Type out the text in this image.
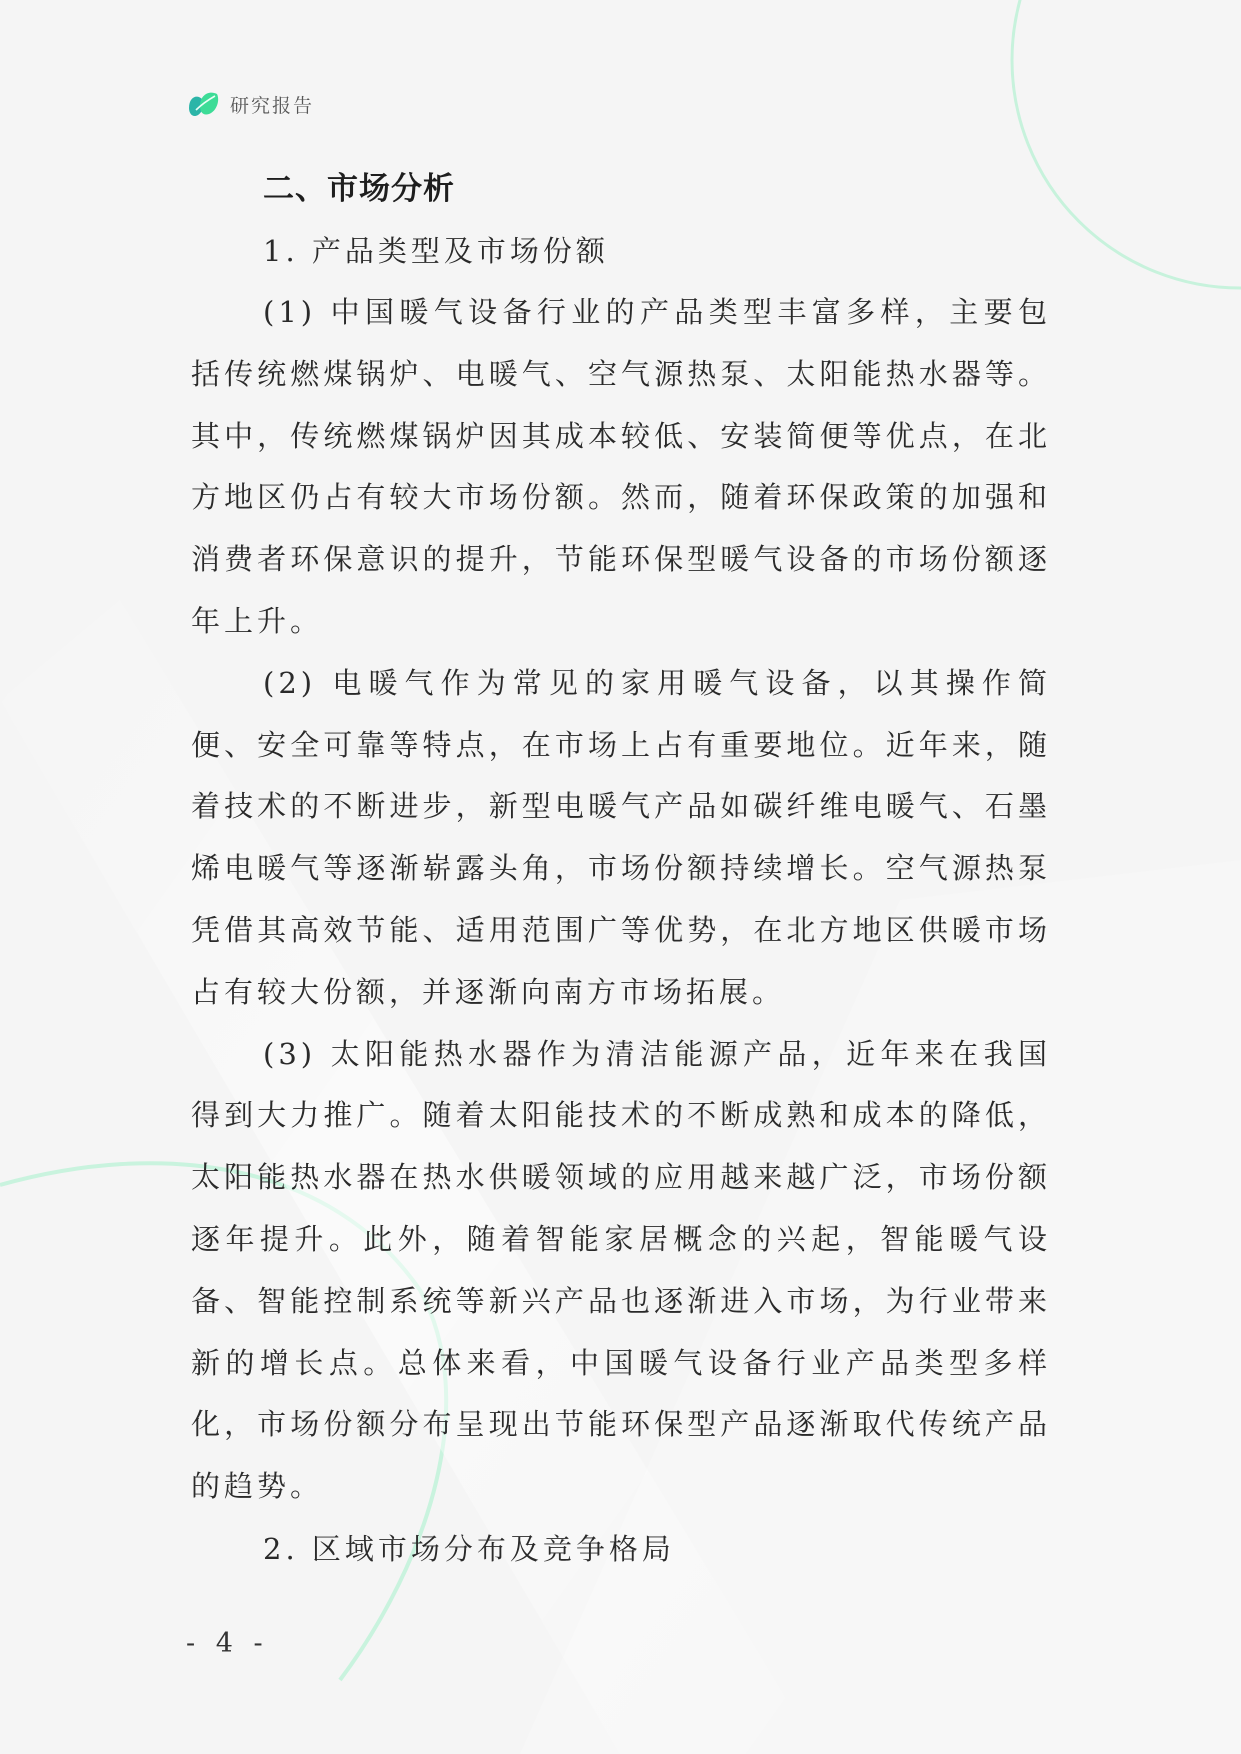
研究报告
二、市场分析
1. 产品类型及市场份额

(1) 中国暖气设备行业的产品类型丰富多样，主要包括传统燃煤锅炉、电暖气、空气源热泵、太阳能热水器等。其中，传统燃煤锅炉因其成本较低、安装简便等优点，在北方地区仍占有较大市场份额。然而，随着环保政策的加强和消费者环保意识的提升，节能环保型暖气设备的市场份额逐年上升。

(2) 电暖气作为常见的家用暖气设备，以其操作简便、安全可靠等特点，在市场上占有重要地位。近年来，随着技术的不断进步，新型电暖气产品如碳纤维电暖气、石墨烯电暖气等逐渐崭露头角，市场份额持续增长。空气源热泵凭借其高效节能、适用范围广等优势，在北方地区供暖市场占有较大份额，并逐渐向南方市场拓展。

(3) 太阳能热水器作为清洁能源产品，近年来在我国得到大力推广。随着太阳能技术的不断成熟和成本的降低，太阳能热水器在热水供暖领域的应用越来越广泛，市场份额逐年提升。此外，随着智能家居概念的兴起，智能暖气设备、智能控制系统等新兴产品也逐渐进入市场，为行业带来新的增长点。总体来看，中国暖气设备行业产品类型多样化，市场份额分布呈现出节能环保型产品逐渐取代传统产品的趋势。

2. 区域市场分布及竞争格局
- 4 -
